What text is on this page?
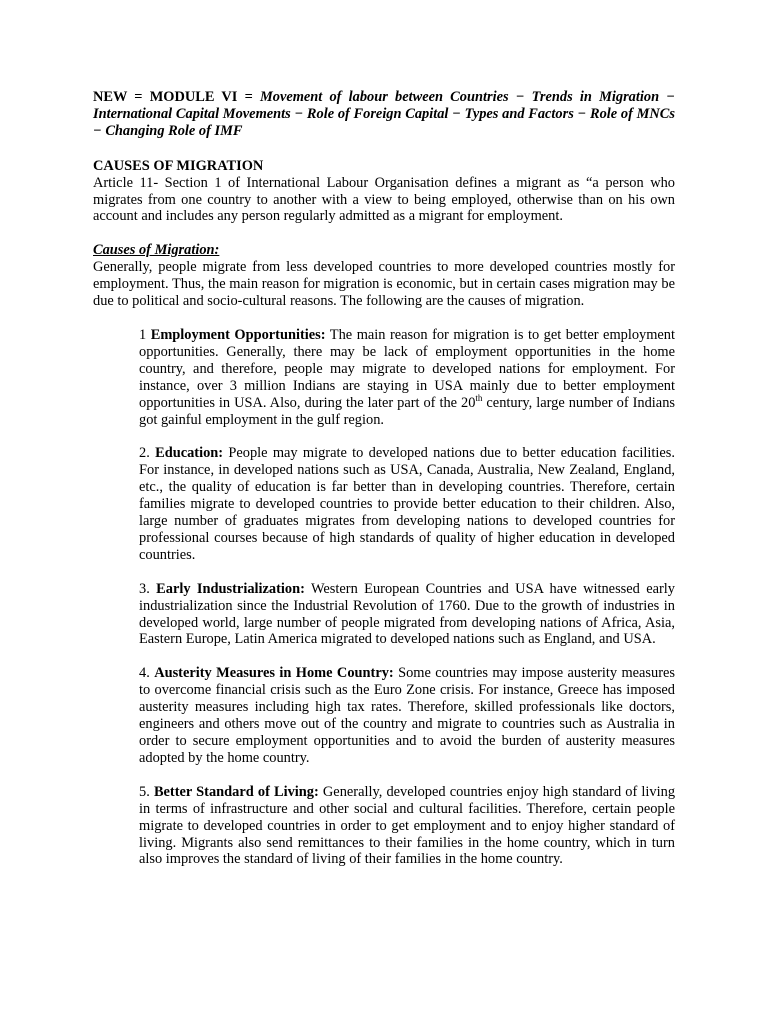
NEW = MODULE VI = Movement of labour between Countries − Trends in Migration − International Capital Movements − Role of Foreign Capital − Types and Factors − Role of MNCs − Changing Role of IMF

CAUSES OF MIGRATION

Article 11- Section 1 of International Labour Organisation defines a migrant as “a person who migrates from one country to another with a view to being employed, otherwise than on his own account and includes any person regularly admitted as a migrant for employment.

Causes of Migration:

Generally, people migrate from less developed countries to more developed countries mostly for employment. Thus, the main reason for migration is economic, but in certain cases migration may be due to political and socio-cultural reasons. The following are the causes of migration.

1 Employment Opportunities: The main reason for migration is to get better employment opportunities. Generally, there may be lack of employment opportunities in the home country, and therefore, people may migrate to developed nations for employment. For instance, over 3 million Indians are staying in USA mainly due to better employment opportunities in USA. Also, during the later part of the 20th century, large number of Indians got gainful employment in the gulf region.
2. Education: People may migrate to developed nations due to better education facilities. For instance, in developed nations such as USA, Canada, Australia, New Zealand, England, etc., the quality of education is far better than in developing countries. Therefore, certain families migrate to developed countries to provide better education to their children. Also, large number of graduates migrates from developing nations to developed countries for professional courses because of high standards of quality of higher education in developed countries.
3. Early Industrialization: Western European Countries and USA have witnessed early industrialization since the Industrial Revolution of 1760. Due to the growth of industries in developed world, large number of people migrated from developing nations of Africa, Asia, Eastern Europe, Latin America migrated to developed nations such as England, and USA.
4. Austerity Measures in Home Country: Some countries may impose austerity measures to overcome financial crisis such as the Euro Zone crisis. For instance, Greece has imposed austerity measures including high tax rates. Therefore, skilled professionals like doctors, engineers and others move out of the country and migrate to countries such as Australia in order to secure employment opportunities and to avoid the burden of austerity measures adopted by the home country.
5. Better Standard of Living: Generally, developed countries enjoy high standard of living in terms of infrastructure and other social and cultural facilities. Therefore, certain people migrate to developed countries in order to get employment and to enjoy higher standard of living. Migrants also send remittances to their families in the home country, which in turn also improves the standard of living of their families in the home country.
